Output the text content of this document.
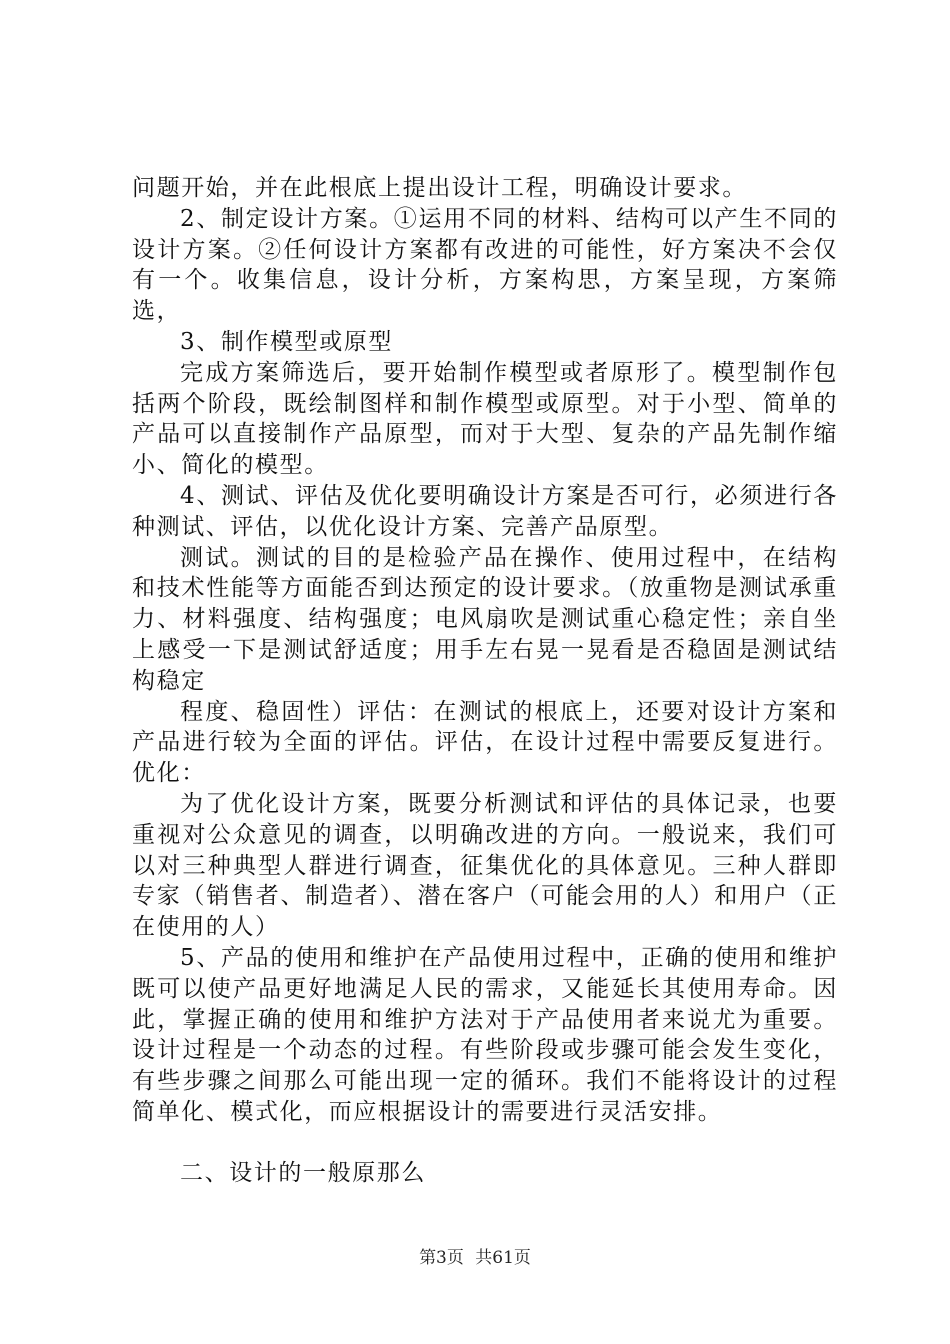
问题开始，并在此根底上提出设计工程，明确设计要求。

2、制定设计方案。①运用不同的材料、结构可以产生不同的设计方案。②任何设计方案都有改进的可能性，好方案决不会仅有一个。收集信息，设计分析，方案构思，方案呈现，方案筛选，

3、制作模型或原型

完成方案筛选后，要开始制作模型或者原形了。模型制作包括两个阶段，既绘制图样和制作模型或原型。对于小型、简单的产品可以直接制作产品原型，而对于大型、复杂的产品先制作缩小、简化的模型。

4、测试、评估及优化要明确设计方案是否可行，必须进行各种测试、评估，以优化设计方案、完善产品原型。

测试。测试的目的是检验产品在操作、使用过程中，在结构和技术性能等方面能否到达预定的设计要求。（放重物是测试承重力、材料强度、结构强度；电风扇吹是测试重心稳定性；亲自坐上感受一下是测试舒适度；用手左右晃一晃看是否稳固是测试结构稳定

程度、稳固性）评估：在测试的根底上，还要对设计方案和产品进行较为全面的评估。评估，在设计过程中需要反复进行。优化：

为了优化设计方案，既要分析测试和评估的具体记录，也要重视对公众意见的调查，以明确改进的方向。一般说来，我们可以对三种典型人群进行调查，征集优化的具体意见。三种人群即专家（销售者、制造者）、潜在客户（可能会用的人）和用户（正在使用的人）

5、产品的使用和维护在产品使用过程中，正确的使用和维护既可以使产品更好地满足人民的需求，又能延长其使用寿命。因此，掌握正确的使用和维护方法对于产品使用者来说尤为重要。设计过程是一个动态的过程。有些阶段或步骤可能会发生变化，有些步骤之间那么可能出现一定的循环。我们不能将设计的过程简单化、模式化，而应根据设计的需要进行灵活安排。

二、设计的一般原那么

第3页 共61页
